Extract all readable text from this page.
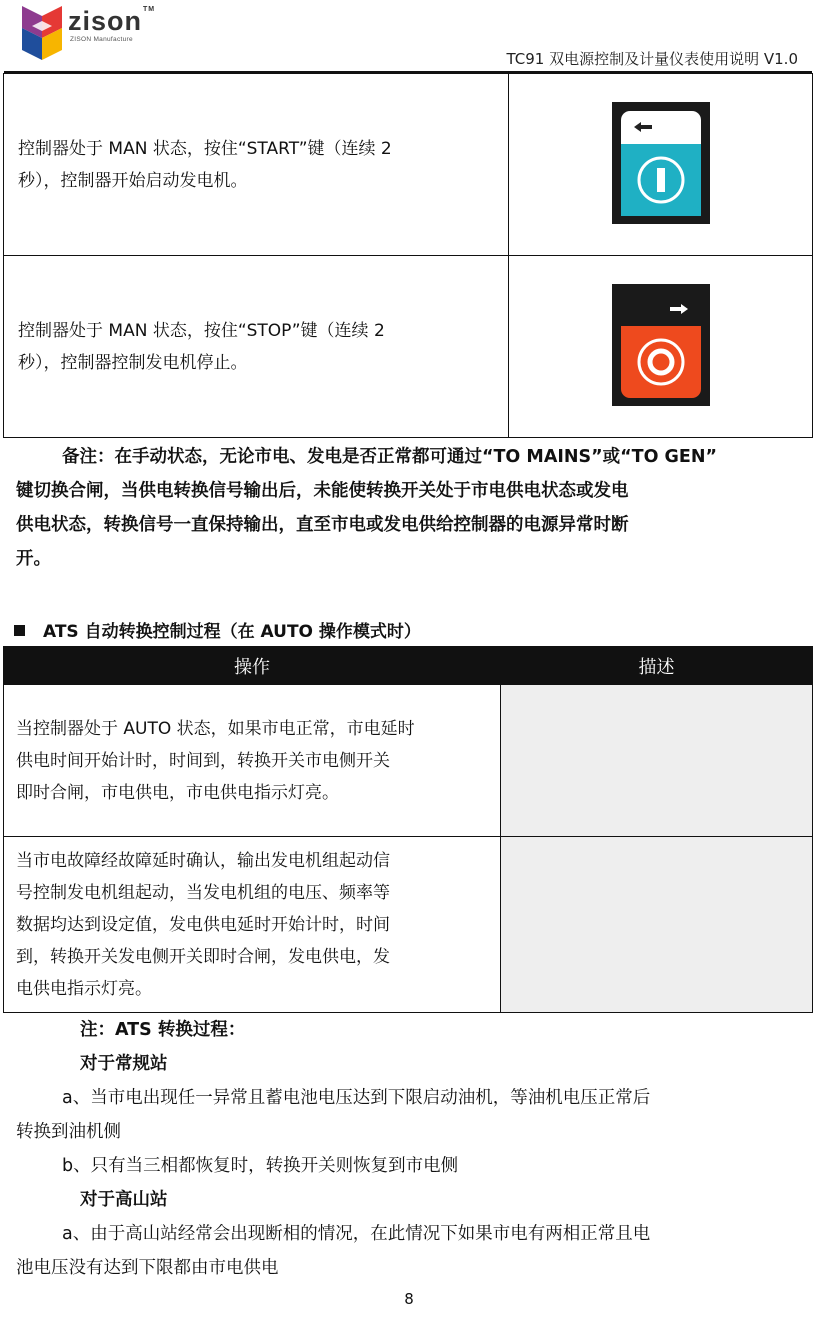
zison™
ZISON Manufacture
TC91 双电源控制及计量仪表使用说明 V1.0
控制器处于 MAN 状态，按住“START”键（连续 2
秒），控制器开始启动发电机。

控制器处于 MAN 状态，按住“STOP”键（连续 2
秒），控制器控制发电机停止。

备注：在手动状态，无论市电、发电是否正常都可通过“TO MAINS”或“TO GEN”
键切换合闸，当供电转换信号输出后，未能使转换开关处于市电供电状态或发电
供电状态，转换信号一直保持输出，直至市电或发电供给控制器的电源异常时断
开。
ATS 自动转换控制过程（在 AUTO 操作模式时）
操作	描述

当控制器处于 AUTO 状态，如果市电正常，市电延时
供电时间开始计时，时间到，转换开关市电侧开关
即时合闸，市电供电，市电供电指示灯亮。	

当市电故障经故障延时确认，输出发电机组起动信
号控制发电机组起动，当发电机组的电压、频率等
数据均达到设定值，发电供电延时开始计时，时间
到，转换开关发电侧开关即时合闸，发电供电，发
电供电指示灯亮。	

注：ATS 转换过程：
对于常规站
a、当市电出现任一异常且蓄电池电压达到下限启动油机，等油机电压正常后
转换到油机侧
b、只有当三相都恢复时，转换开关则恢复到市电侧
对于高山站
a、由于高山站经常会出现断相的情况，在此情况下如果市电有两相正常且电
池电压没有达到下限都由市电供电
8
